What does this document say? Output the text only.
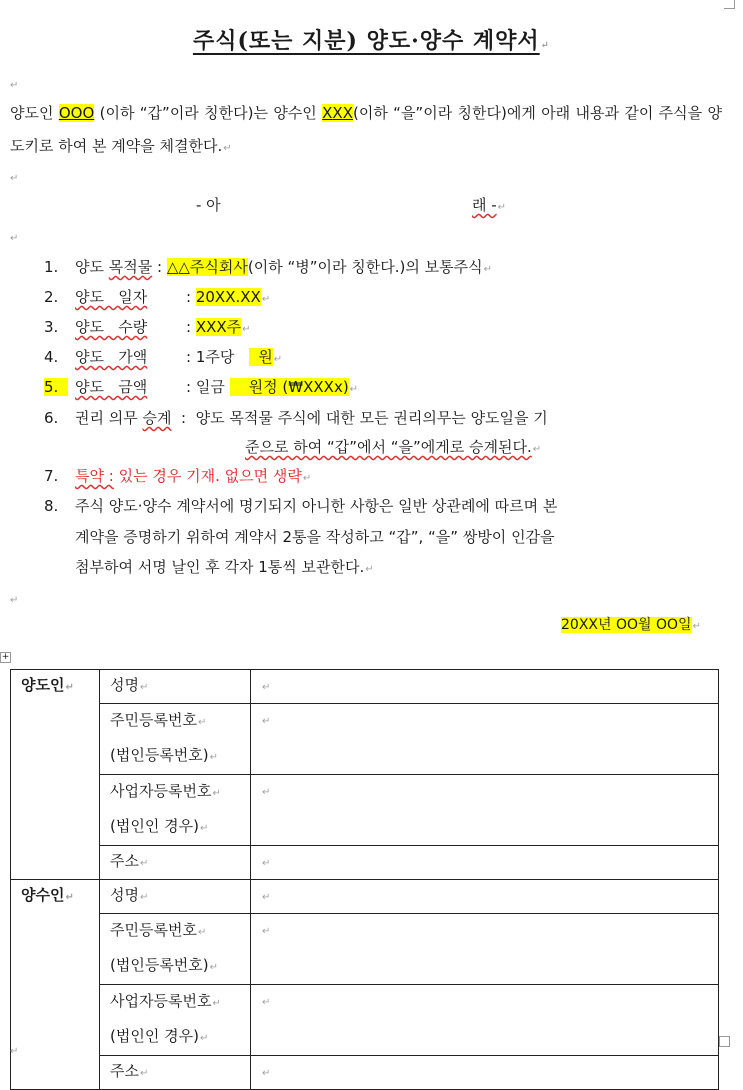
+
주식(또는 지분) 양도·양수 계약서↵
↵
양도인 OOO (이하 “갑”이라 칭한다)는 양수인 XXX(이하 “을”이라 칭한다)에게 아래 내용과 같이 주식을 양도키로 하여 본 계약을 체결한다.↵
↵
- 아	래 -↵
↵
1. 양도 목적물 : △△주식회사(이하 “병”이라 칭한다.)의 보통주식↵
2. 양도   일자	: 20XX.XX↵
3. 양도   수량	: XXX주↵
4. 양도   가액	: 1주당     원↵
5. 양도   금액	: 일금     원정 (₩XXXx)↵
6. 권리 의무 승계  :  양도 목적물 주식에 대한 모든 권리의무는 양도일을 기
준으로 하여 “갑”에서 “을”에게로 승계된다.↵
7. 특약 : 있는 경우 기재. 없으면 생략↵
8. 주식 양도·양수 계약서에 명기되지 아니한 사항은 일반 상관례에 따르며 본
계약을 증명하기 위하여 계약서 2통을 작성하고 “갑”, “을” 쌍방이 인감을
첨부하여 서명 날인 후 각자 1통씩 보관한다.↵
↵
20XX년 OO월 OO일↵
양도인↵	성명↵	↵
	주민등록번호↵
(법인등록번호)↵	↵
	사업자등록번호↵
(법인인 경우)↵	↵
	주소↵	↵
양수인↵	성명↵	↵
	주민등록번호↵
(법인등록번호)↵	↵
	사업자등록번호↵
(법인인 경우)↵	↵
	주소↵	↵
↵
